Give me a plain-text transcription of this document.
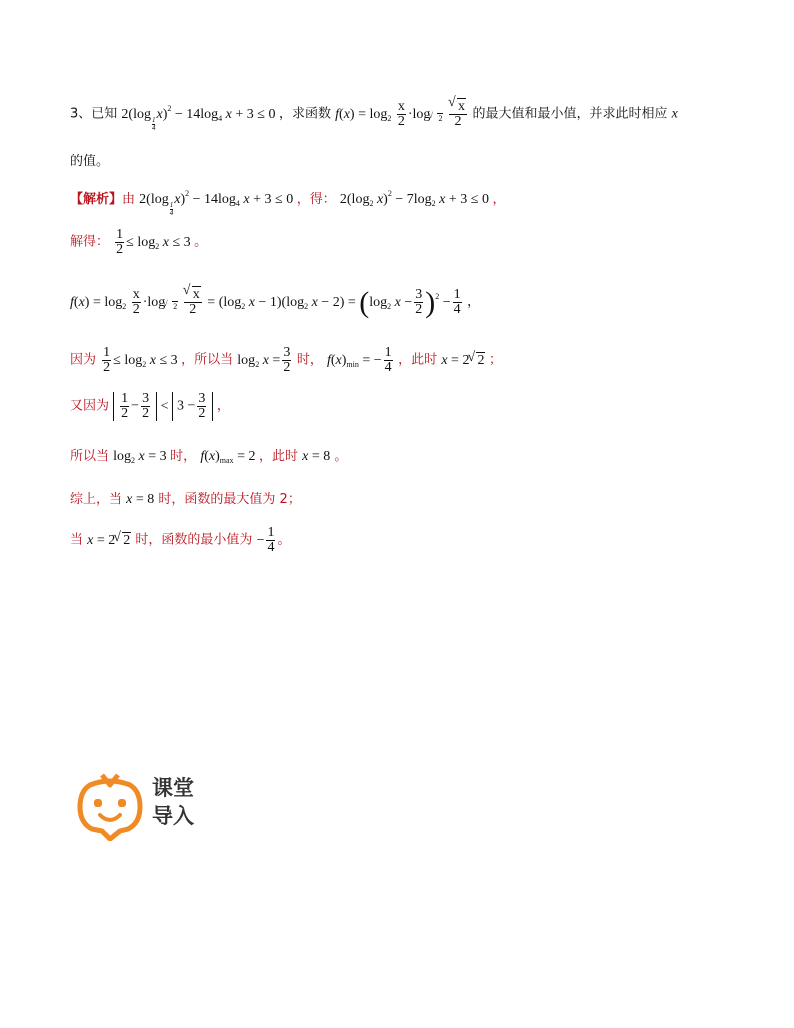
3、已知 2(log
$\frac{1}{4}$
$x)^2 - 14\log_4$ x + 3 ≤ 0 ，求函数 $f(x) = \log_2 \frac{x}{2} \cdot\log√$ $_2$
√ $\frac{x}{2}$ 的最大值和最小值，并求此时相应 x
的值。
【解析】由 2(log
$\frac{1}{4}$
$x)^2 - 14\log_4$ x + 3 ≤ 0 ，得： $2(\log_2$ $x)^2 - 7\log_2$ x + 3 ≤ 0 ，
解得： $\frac{1}{2} \le \log_2 x \le 3$ 。
$f(x) = \log_2 \frac{x}{2} \cdot\log√$ $_2$
√ $\frac{x}{2} = (\log_2$ $x - 1)(\log_2$ $x - 2) = (\log_2$ $x - \frac{3}{2} )^2 - \frac{1}{4}$ ，
因为 $\frac{1}{2} \le \log_2 x \le 3$ ，所以当 $\log_2 x = \frac{3}{2}$ 时， $f(x)_{min}$ = − $\frac{1}{4}$ ，此时 x = 2√ 2 ；
又因为 $\frac{1}{2} - \frac{3}{2} < 3 - \frac{3}{2}$ ，
所以当 $\log_2 x = 3$ 时， $f(x)_{max} = 2$ ，此时 x = 8 。
综上，当 x = 8 时，函数的最大值为 2；
当 x = 2√ 2 时，函数的最小值为 − $\frac{1}{4}$ 。
课堂
导入
